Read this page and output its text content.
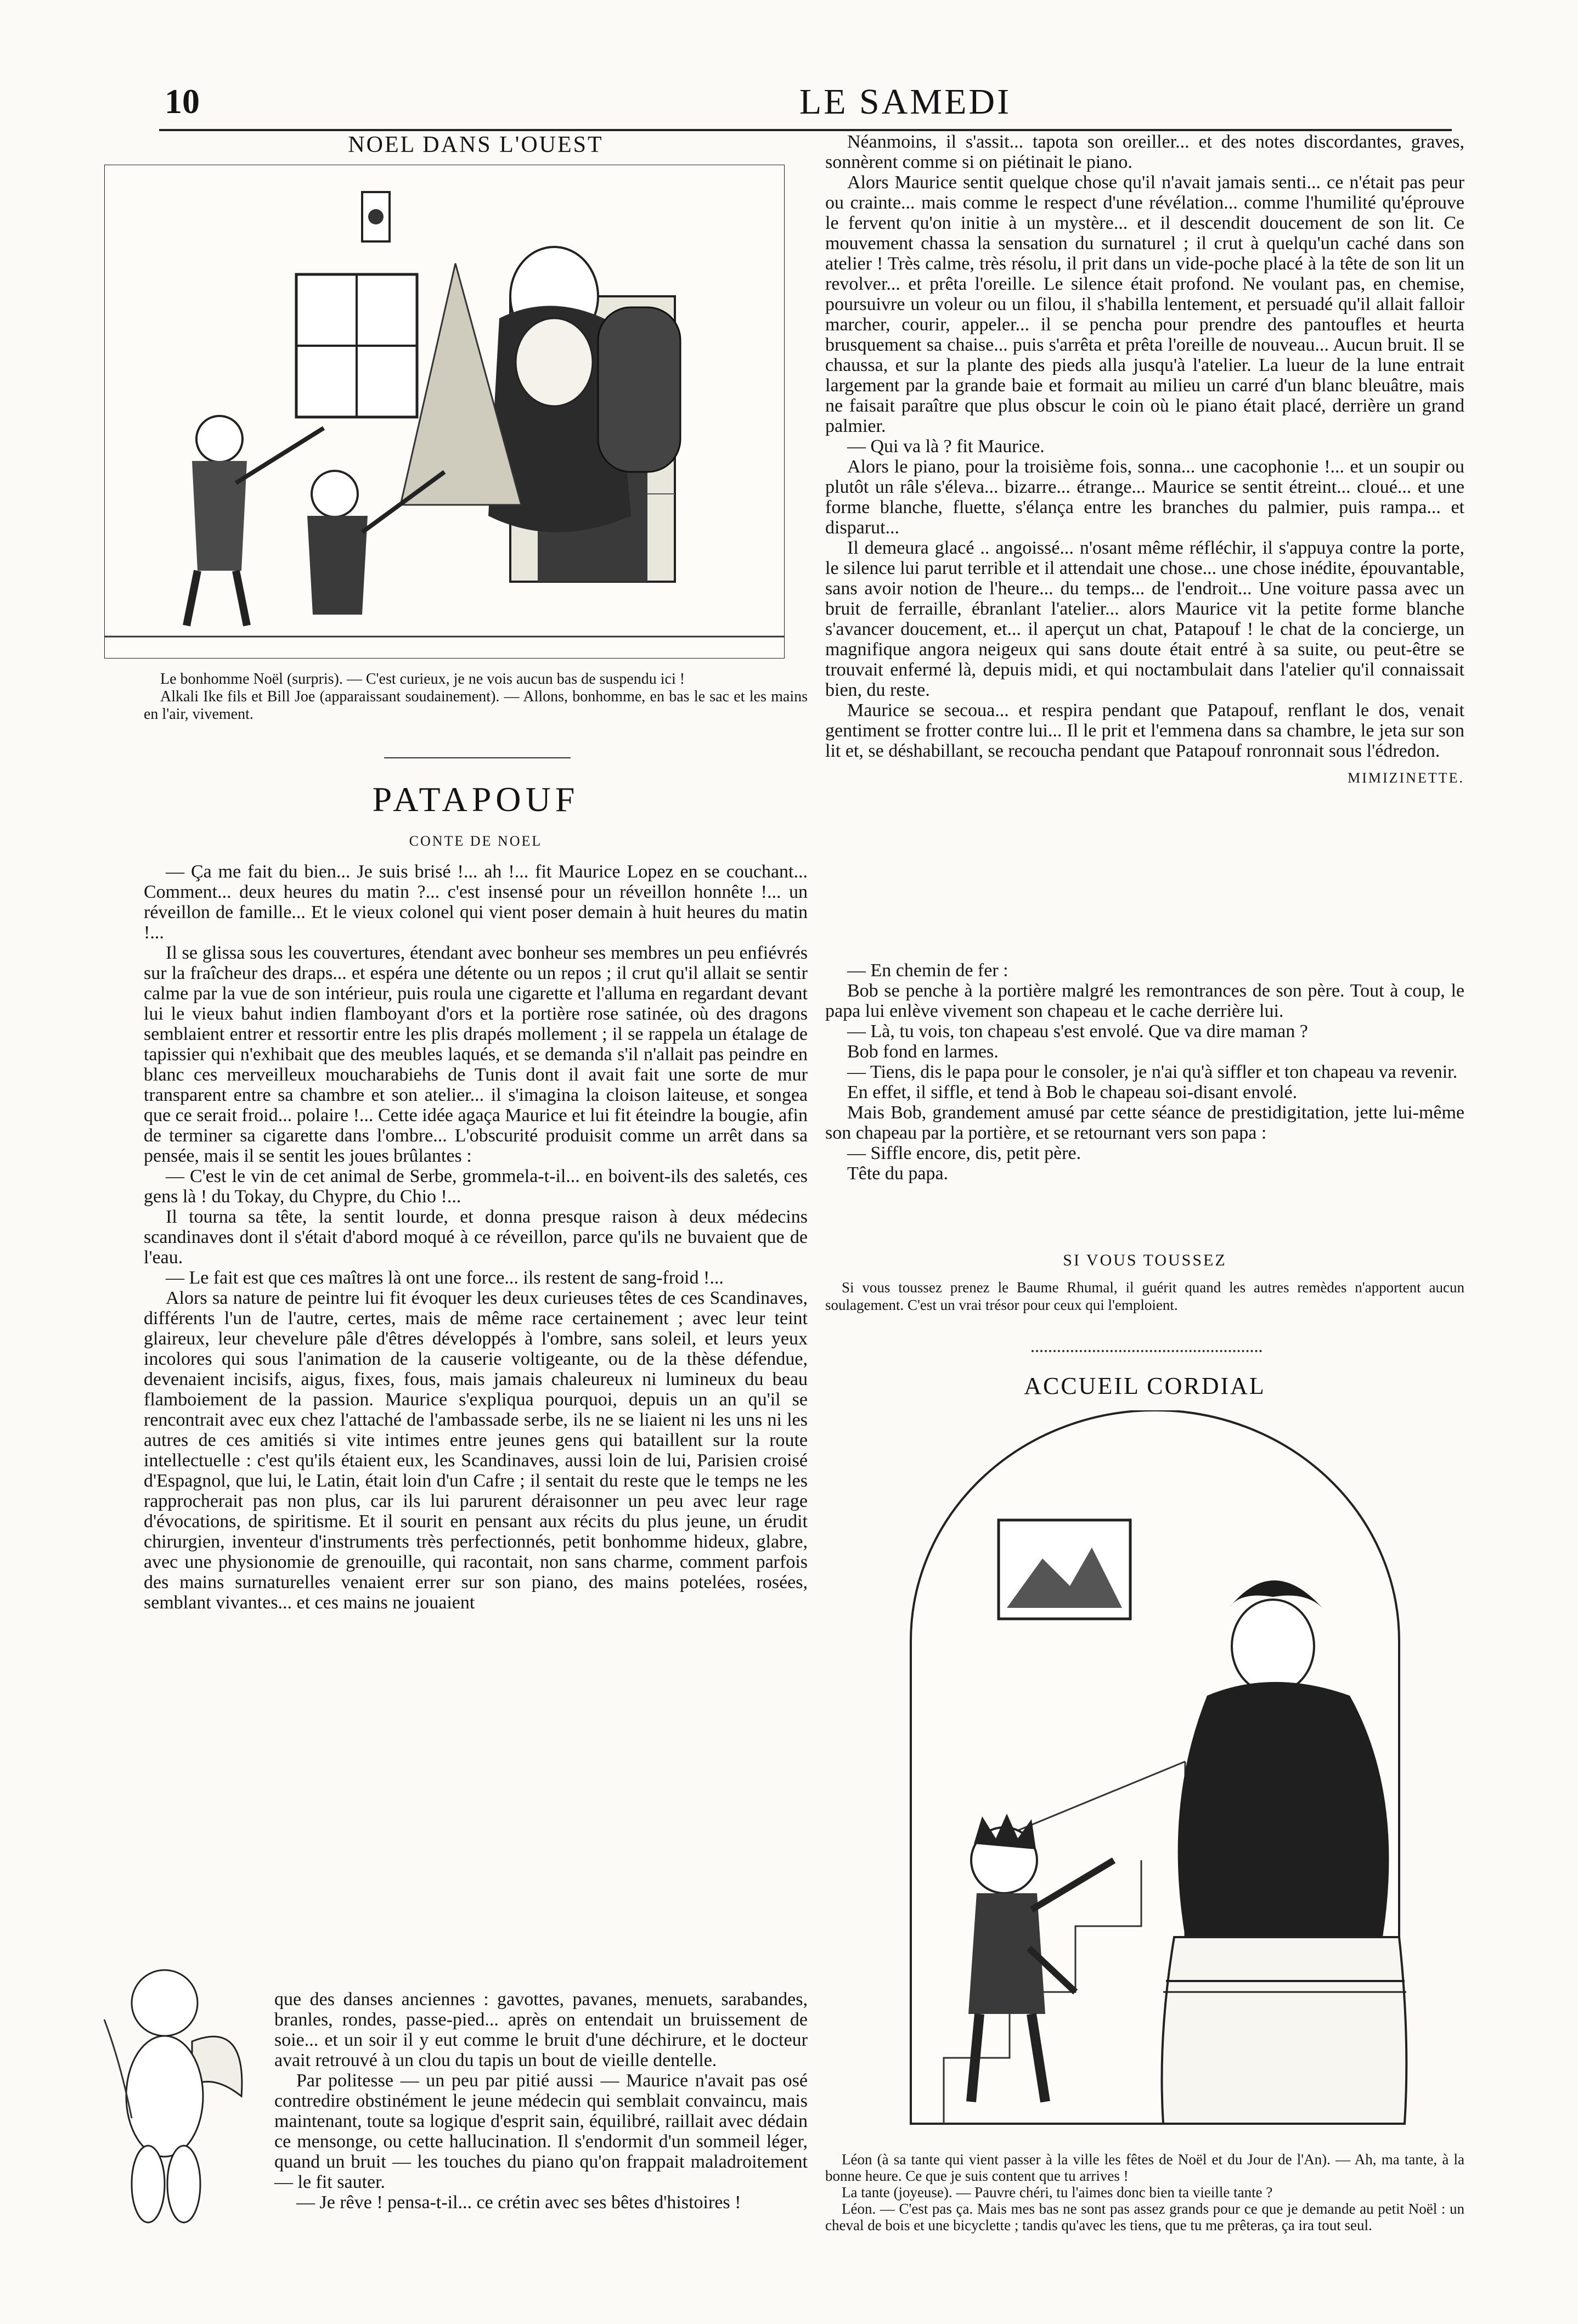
10	LE SAMEDI
NOEL DANS L'OUEST

Le bonhomme Noël (surpris). — C'est curieux, je ne vois aucun bas de suspendu ici !

Alkali Ike fils et Bill Joe (apparaissant soudainement). — Allons, bonhomme, en bas le sac et les mains en l'air, vivement.

PATAPOUF
CONTE DE NOEL

— Ça me fait du bien... Je suis brisé !... ah !... fit Maurice Lopez en se couchant... Comment... deux heures du matin ?... c'est insensé pour un réveillon honnête !... un réveillon de famille... Et le vieux colonel qui vient poser demain à huit heures du matin !...

Il se glissa sous les couvertures, étendant avec bonheur ses membres un peu enfiévrés sur la fraîcheur des draps... et espéra une détente ou un repos ; il crut qu'il allait se sentir calme par la vue de son intérieur, puis roula une cigarette et l'alluma en regardant devant lui le vieux bahut indien flamboyant d'ors et la portière rose satinée, où des dragons semblaient entrer et ressortir entre les plis drapés mollement ; il se rappela un étalage de tapissier qui n'exhibait que des meubles laqués, et se demanda s'il n'allait pas peindre en blanc ces merveilleux moucharabiehs de Tunis dont il avait fait une sorte de mur transparent entre sa chambre et son atelier... il s'imagina la cloison laiteuse, et songea que ce serait froid... polaire !... Cette idée agaça Maurice et lui fit éteindre la bougie, afin de terminer sa cigarette dans l'ombre... L'obscurité produisit comme un arrêt dans sa pensée, mais il se sentit les joues brûlantes :

— C'est le vin de cet animal de Serbe, grommela-t-il... en boivent-ils des saletés, ces gens là ! du Tokay, du Chypre, du Chio !...

Il tourna sa tête, la sentit lourde, et donna presque raison à deux médecins scandinaves dont il s'était d'abord moqué à ce réveillon, parce qu'ils ne buvaient que de l'eau.

— Le fait est que ces maîtres là ont une force... ils restent de sang-froid !...

Alors sa nature de peintre lui fit évoquer les deux curieuses têtes de ces Scandinaves, différents l'un de l'autre, certes, mais de même race certainement ; avec leur teint glaireux, leur chevelure pâle d'êtres développés à l'ombre, sans soleil, et leurs yeux incolores qui sous l'animation de la causerie voltigeante, ou de la thèse défendue, devenaient incisifs, aigus, fixes, fous, mais jamais chaleureux ni lumineux du beau flamboiement de la passion. Maurice s'expliqua pourquoi, depuis un an qu'il se rencontrait avec eux chez l'attaché de l'ambassade serbe, ils ne se liaient ni les uns ni les autres de ces amitiés si vite intimes entre jeunes gens qui bataillent sur la route intellectuelle : c'est qu'ils étaient eux, les Scandinaves, aussi loin de lui, Parisien croisé d'Espagnol, que lui, le Latin, était loin d'un Cafre ; il sentait du reste que le temps ne les rapprocherait pas non plus, car ils lui parurent déraisonner un peu avec leur rage d'évocations, de spiritisme. Et il sourit en pensant aux récits du plus jeune, un érudit chirurgien, inventeur d'instruments très perfectionnés, petit bonhomme hideux, glabre, avec une physionomie de grenouille, qui racontait, non sans charme, comment parfois des mains surnaturelles venaient errer sur son piano, des mains potelées, rosées, semblant vivantes... et ces mains ne jouaient

que des danses anciennes : gavottes, pavanes, menuets, sarabandes, branles, rondes, passe-pied... après on entendait un bruissement de soie... et un soir il y eut comme le bruit d'une déchirure, et le docteur avait retrouvé à un clou du tapis un bout de vieille dentelle.

Par politesse — un peu par pitié aussi — Maurice n'avait pas osé contredire obstinément le jeune médecin qui semblait convaincu, mais maintenant, toute sa logique d'esprit sain, équilibré, raillait avec dédain ce mensonge, ou cette hallucination. Il s'endormit d'un sommeil léger, quand un bruit — les touches du piano qu'on frappait maladroitement — le fit sauter.

— Je rêve ! pensa-t-il... ce crétin avec ses bêtes d'histoires !

Néanmoins, il s'assit... tapota son oreiller... et des notes discordantes, graves, sonnèrent comme si on piétinait le piano.

Alors Maurice sentit quelque chose qu'il n'avait jamais senti... ce n'était pas peur ou crainte... mais comme le respect d'une révélation... comme l'humilité qu'éprouve le fervent qu'on initie à un mystère... et il descendit doucement de son lit. Ce mouvement chassa la sensation du surnaturel ; il crut à quelqu'un caché dans son atelier ! Très calme, très résolu, il prit dans un vide-poche placé à la tête de son lit un revolver... et prêta l'oreille. Le silence était profond. Ne voulant pas, en chemise, poursuivre un voleur ou un filou, il s'habilla lentement, et persuadé qu'il allait falloir marcher, courir, appeler... il se pencha pour prendre des pantoufles et heurta brusquement sa chaise... puis s'arrêta et prêta l'oreille de nouveau... Aucun bruit. Il se chaussa, et sur la plante des pieds alla jusqu'à l'atelier. La lueur de la lune entrait largement par la grande baie et formait au milieu un carré d'un blanc bleuâtre, mais ne faisait paraître que plus obscur le coin où le piano était placé, derrière un grand palmier.

— Qui va là ? fit Maurice.

Alors le piano, pour la troisième fois, sonna... une cacophonie !... et un soupir ou plutôt un râle s'éleva... bizarre... étrange... Maurice se sentit étreint... cloué... et une forme blanche, fluette, s'élança entre les branches du palmier, puis rampa... et disparut...

Il demeura glacé .. angoissé... n'osant même réfléchir, il s'appuya contre la porte, le silence lui parut terrible et il attendait une chose... une chose inédite, épouvantable, sans avoir notion de l'heure... du temps... de l'endroit... Une voiture passa avec un bruit de ferraille, ébranlant l'atelier... alors Maurice vit la petite forme blanche s'avancer doucement, et... il aperçut un chat, Patapouf ! le chat de la concierge, un magnifique angora neigeux qui sans doute était entré à sa suite, ou peut-être se trouvait enfermé là, depuis midi, et qui noctambulait dans l'atelier qu'il connaissait bien, du reste.

Maurice se secoua... et respira pendant que Patapouf, renflant le dos, venait gentiment se frotter contre lui... Il le prit et l'emmena dans sa chambre, le jeta sur son lit et, se déshabillant, se recoucha pendant que Patapouf ronronnait sous l'édredon.

MIMIZINETTE.

— En chemin de fer :

Bob se penche à la portière malgré les remontrances de son père. Tout à coup, le papa lui enlève vivement son chapeau et le cache derrière lui.

— Là, tu vois, ton chapeau s'est envolé. Que va dire maman ?

Bob fond en larmes.

— Tiens, dis le papa pour le consoler, je n'ai qu'à siffler et ton chapeau va revenir.

En effet, il siffle, et tend à Bob le chapeau soi-disant envolé.

Mais Bob, grandement amusé par cette séance de prestidigitation, jette lui-même son chapeau par la portière, et se retournant vers son papa :

— Siffle encore, dis, petit père.

Tête du papa.

SI VOUS TOUSSEZ

Si vous toussez prenez le Baume Rhumal, il guérit quand les autres remèdes n'apportent aucun soulagement. C'est un vrai trésor pour ceux qui l'emploient.

ACCUEIL CORDIAL

Léon (à sa tante qui vient passer à la ville les fêtes de Noël et du Jour de l'An). — Ah, ma tante, à la bonne heure. Ce que je suis content que tu arrives !

La tante (joyeuse). — Pauvre chéri, tu l'aimes donc bien ta vieille tante ?

Léon. — C'est pas ça. Mais mes bas ne sont pas assez grands pour ce que je demande au petit Noël : un cheval de bois et une bicyclette ; tandis qu'avec les tiens, que tu me prêteras, ça ira tout seul.
